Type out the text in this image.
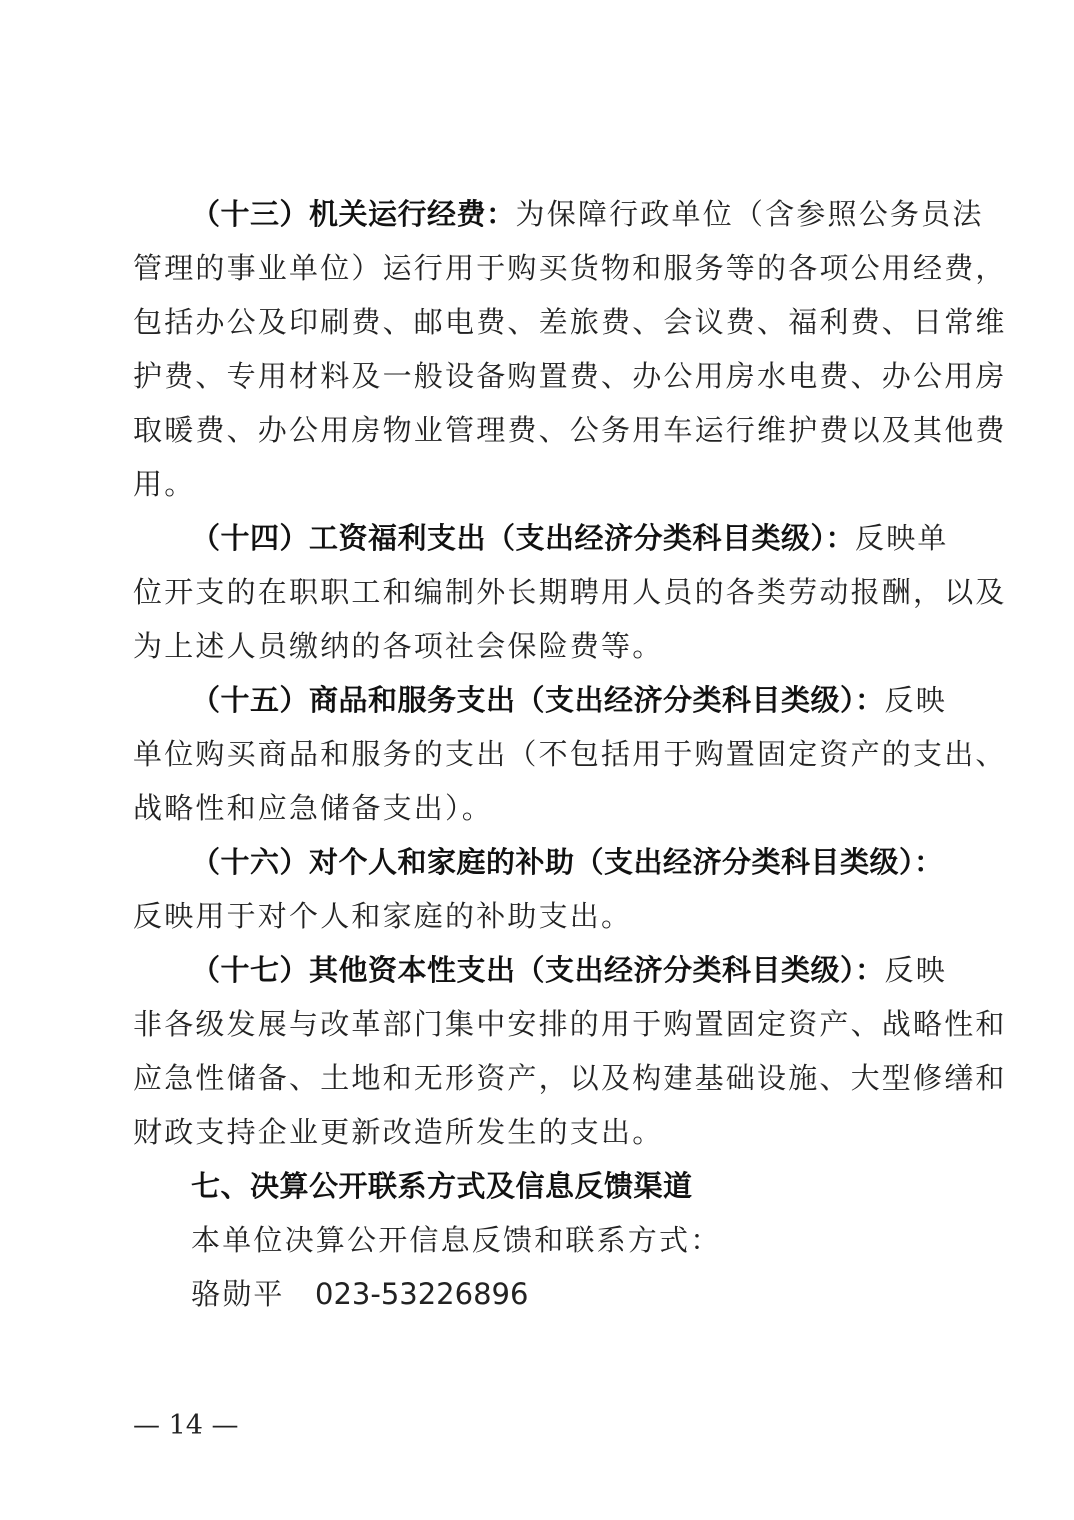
（十三）机关运行经费：为保障行政单位（含参照公务员法
管理的事业单位）运行用于购买货物和服务等的各项公用经费，
包括办公及印刷费、邮电费、差旅费、会议费、福利费、日常维
护费、专用材料及一般设备购置费、办公用房水电费、办公用房
取暖费、办公用房物业管理费、公务用车运行维护费以及其他费
用。
（十四）工资福利支出（支出经济分类科目类级）：反映单
位开支的在职职工和编制外长期聘用人员的各类劳动报酬，以及
为上述人员缴纳的各项社会保险费等。
（十五）商品和服务支出（支出经济分类科目类级）：反映
单位购买商品和服务的支出（不包括用于购置固定资产的支出、
战略性和应急储备支出）。
（十六）对个人和家庭的补助（支出经济分类科目类级）：
反映用于对个人和家庭的补助支出。
（十七）其他资本性支出（支出经济分类科目类级）：反映
非各级发展与改革部门集中安排的用于购置固定资产、战略性和
应急性储备、土地和无形资产，以及构建基础设施、大型修缮和
财政支持企业更新改造所发生的支出。
七、决算公开联系方式及信息反馈渠道
本单位决算公开信息反馈和联系方式：
骆勋平 023-53226896
— 14 —
